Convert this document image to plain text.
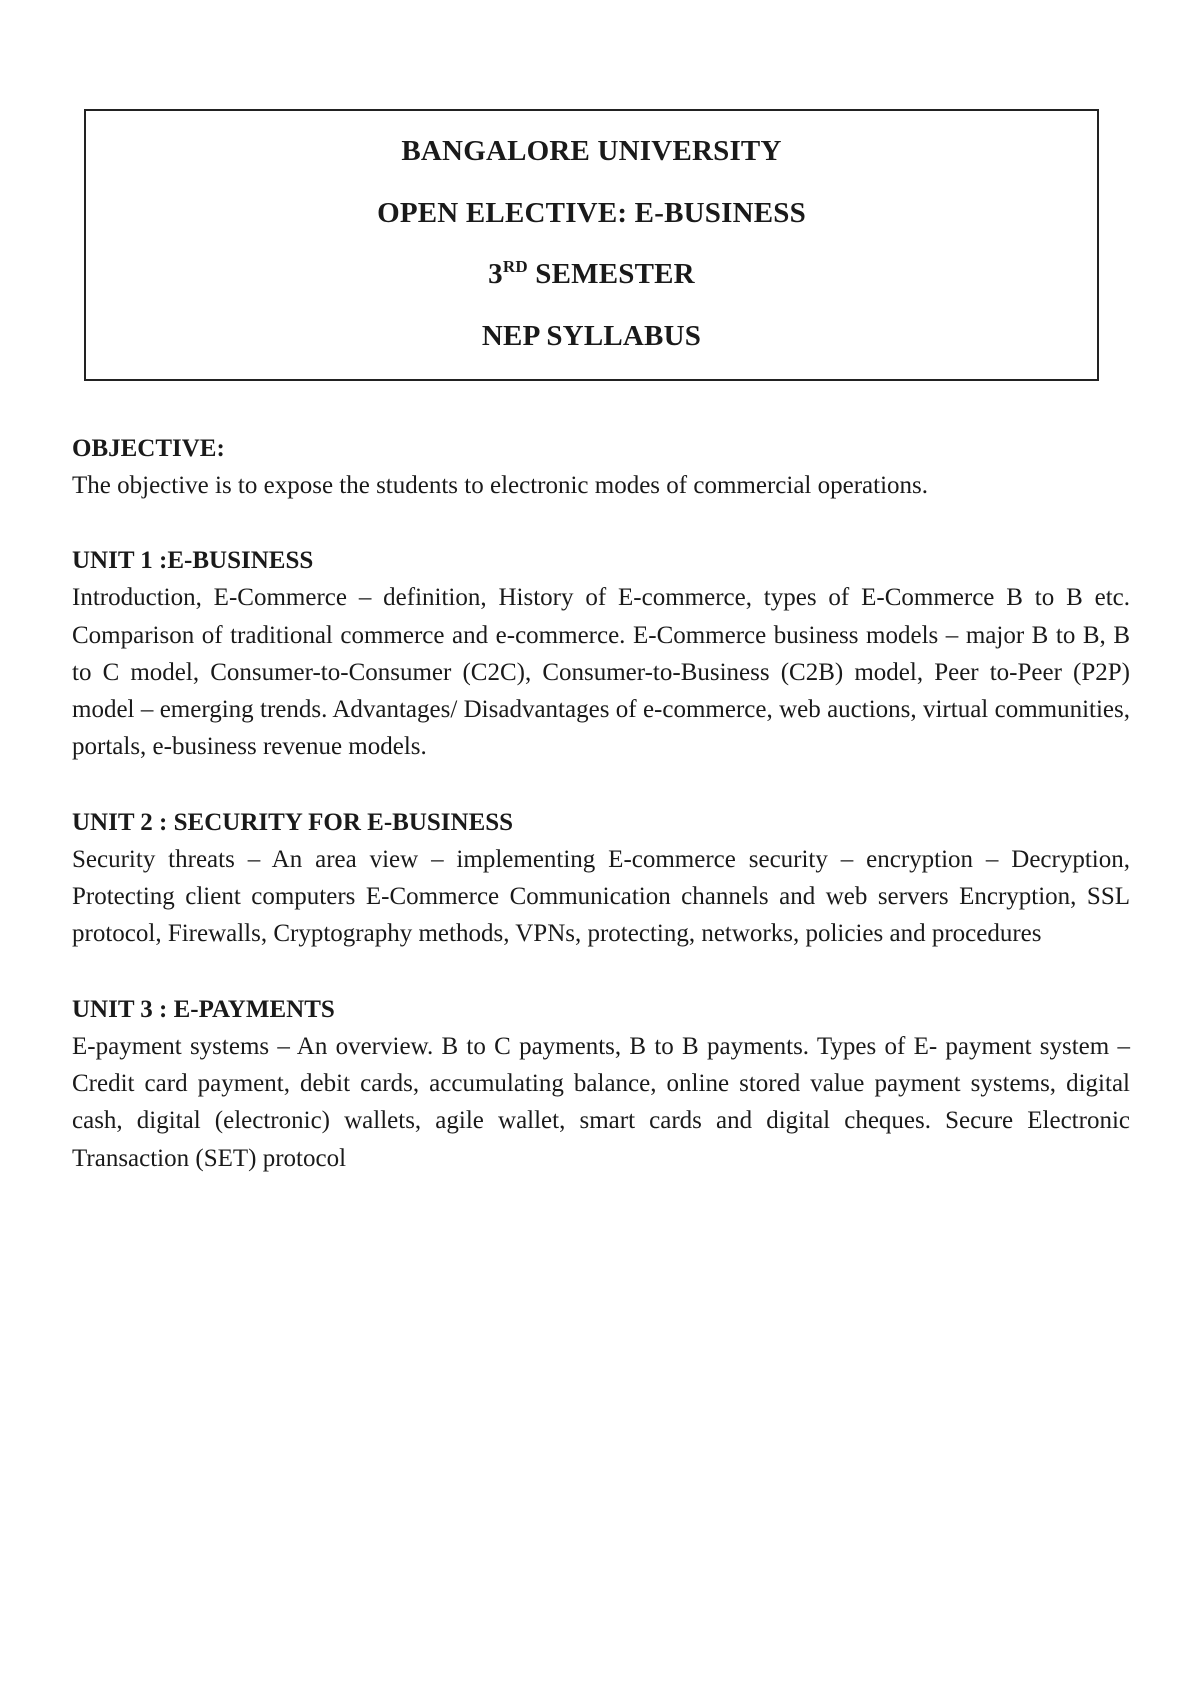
BANGALORE UNIVERSITY
OPEN ELECTIVE: E-BUSINESS
3RD SEMESTER
NEP SYLLABUS

OBJECTIVE:

The objective is to expose the students to electronic modes of commercial operations.

UNIT 1 :E-BUSINESS

Introduction, E-Commerce – definition, History of E-commerce, types of E-Commerce B to B etc. Comparison of traditional commerce and e-commerce. E-Commerce business models – major B to B, B to C model, Consumer-to-Consumer (C2C), Consumer-to-Business (C2B) model, Peer to-Peer (P2P) model – emerging trends. Advantages/ Disadvantages of e-commerce, web auctions, virtual communities, portals, e-business revenue models.

UNIT 2 : SECURITY FOR E-BUSINESS

Security threats – An area view – implementing E-commerce security – encryption – Decryption, Protecting client computers E-Commerce Communication channels and web servers Encryption, SSL protocol, Firewalls, Cryptography methods, VPNs, protecting, networks, policies and procedures

UNIT 3 : E-PAYMENTS

E-payment systems – An overview. B to C payments, B to B payments. Types of E- payment system – Credit card payment, debit cards, accumulating balance, online stored value payment systems, digital cash, digital (electronic) wallets, agile wallet, smart cards and digital cheques. Secure Electronic Transaction (SET) protocol
